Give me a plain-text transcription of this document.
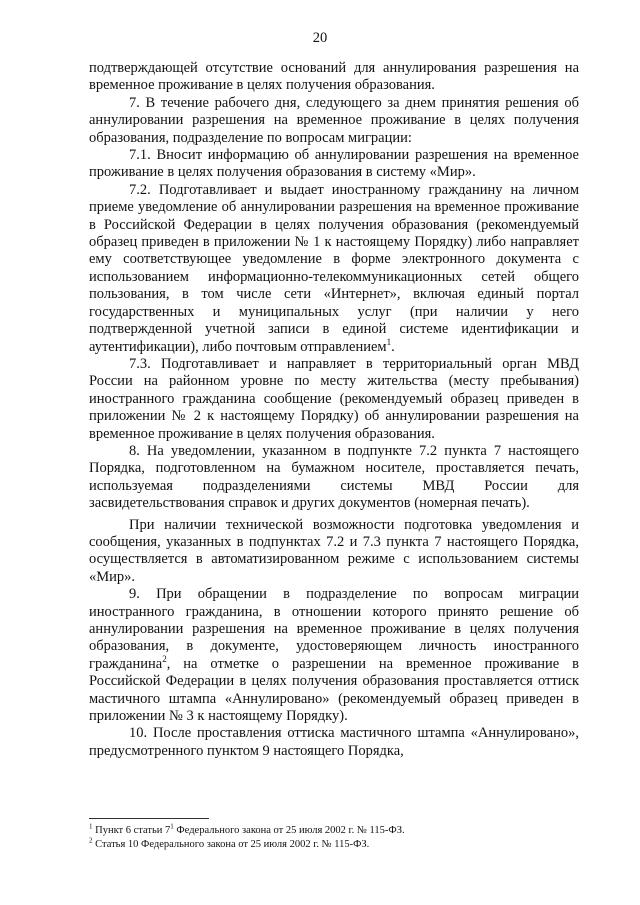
20

подтверждающей отсутствие оснований для аннулирования разрешения на временное проживание в целях получения образования.

7. В течение рабочего дня, следующего за днем принятия решения об аннулировании разрешения на временное проживание в целях получения образования, подразделение по вопросам миграции:

7.1. Вносит информацию об аннулировании разрешения на временное проживание в целях получения образования в систему «Мир».

7.2. Подготавливает и выдает иностранному гражданину на личном приеме уведомление об аннулировании разрешения на временное проживание в Российской Федерации в целях получения образования (рекомендуемый образец приведен в приложении № 1 к настоящему Порядку) либо направляет ему соответствующее уведомление в форме электронного документа с использованием информационно-телекоммуникационных сетей общего пользования, в том числе сети «Интернет», включая единый портал государственных и муниципальных услуг (при наличии у него подтвержденной учетной записи в единой системе идентификации и аутентификации), либо почтовым отправлением$^1$.

7.3. Подготавливает и направляет в территориальный орган МВД России на районном уровне по месту жительства (месту пребывания) иностранного гражданина сообщение (рекомендуемый образец приведен в приложении № 2 к настоящему Порядку) об аннулировании разрешения на временное проживание в целях получения образования.

8. На уведомлении, указанном в подпункте 7.2 пункта 7 настоящего Порядка, подготовленном на бумажном носителе, проставляется печать, используемая подразделениями системы МВД России для засвидетельствования справок и других документов (номерная печать).

При наличии технической возможности подготовка уведомления и сообщения, указанных в подпунктах 7.2 и 7.3 пункта 7 настоящего Порядка, осуществляется в автоматизированном режиме с использованием системы «Мир».

9. При обращении в подразделение по вопросам миграции иностранного гражданина, в отношении которого принято решение об аннулировании разрешения на временное проживание в целях получения образования, в документе, удостоверяющем личность иностранного гражданина$^2$, на отметке о разрешении на временное проживание в Российской Федерации в целях получения образования проставляется оттиск мастичного штампа «Аннулировано» (рекомендуемый образец приведен в приложении № 3 к настоящему Порядку).

10. После проставления оттиска мастичного штампа «Аннулировано», предусмотренного пунктом 9 настоящего Порядка,

$^1$ Пункт 6 статьи $7^1$ Федерального закона от 25 июля 2002 г. № 115-ФЗ.

$^2$ Статья 10 Федерального закона от 25 июля 2002 г. № 115-ФЗ.
